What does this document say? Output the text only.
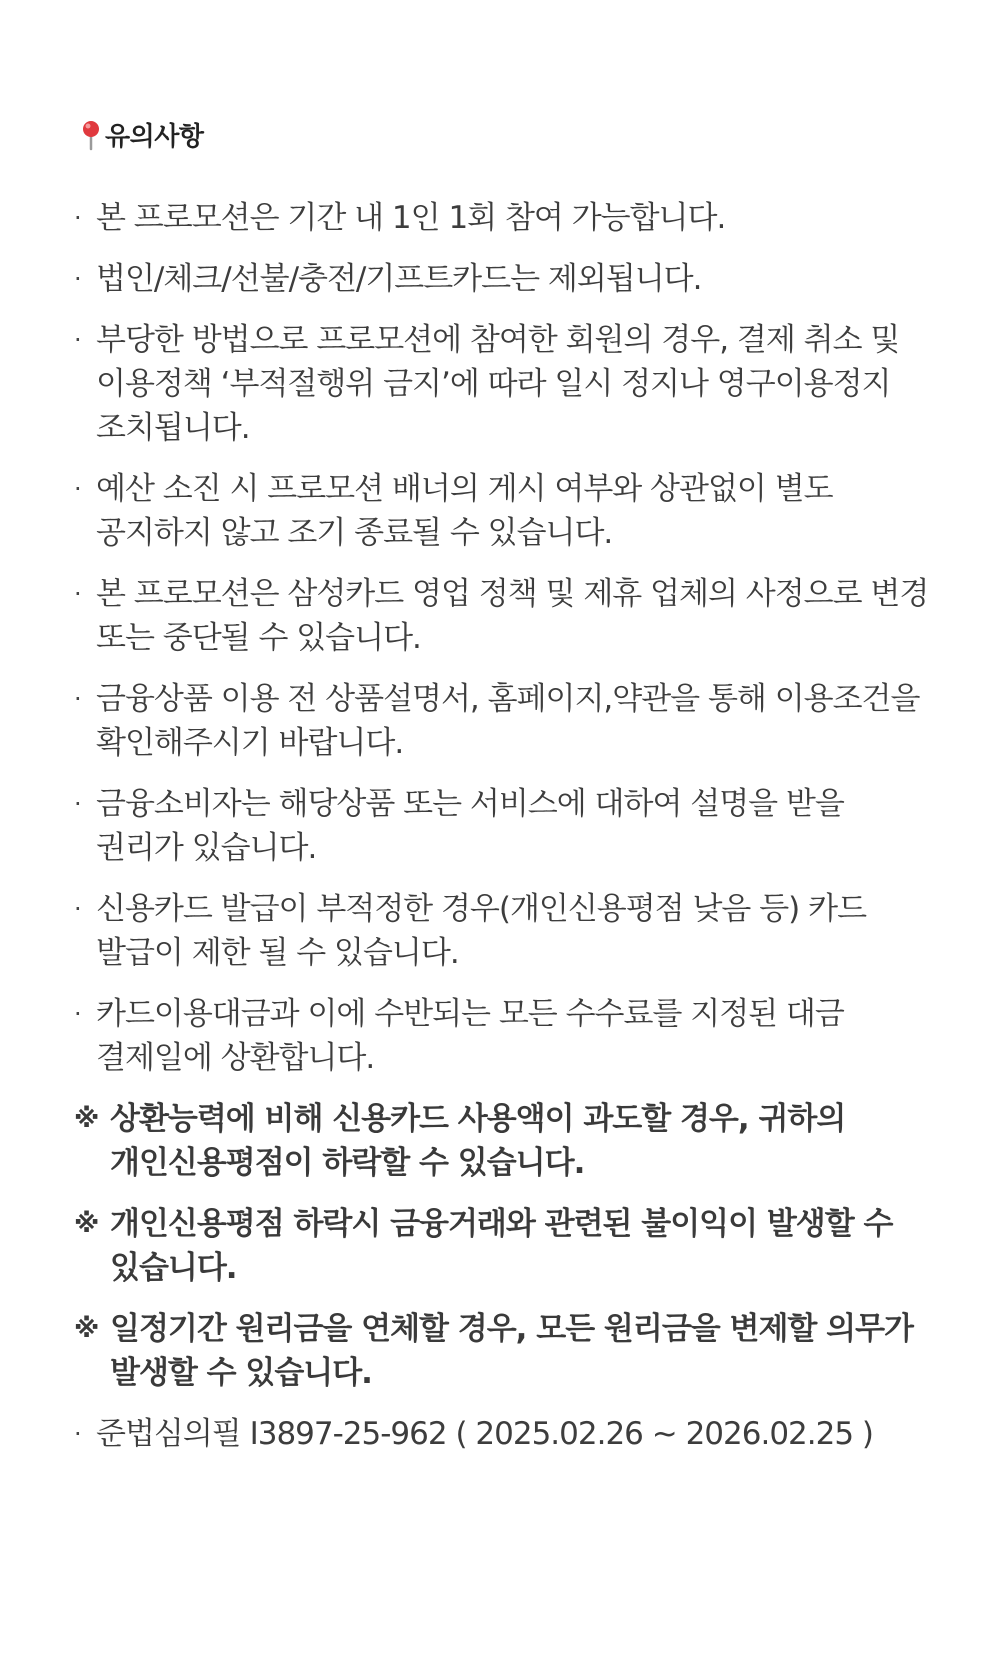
유의사항
· 본 프로모션은 기간 내 1인 1회 참여 가능합니다.
· 법인/체크/선불/충전/기프트카드는 제외됩니다.
· 부당한 방법으로 프로모션에 참여한 회원의 경우, 결제 취소 및 이용정책 ‘부적절행위 금지’에 따라 일시 정지나 영구이용정지 조치됩니다.
· 예산 소진 시 프로모션 배너의 게시 여부와 상관없이 별도 공지하지 않고 조기 종료될 수 있습니다.
· 본 프로모션은 삼성카드 영업 정책 및 제휴 업체의 사정으로 변경 또는 중단될 수 있습니다.
· 금융상품 이용 전 상품설명서, 홈페이지,약관을 통해 이용조건을 확인해주시기 바랍니다.
· 금융소비자는 해당상품 또는 서비스에 대하여 설명을 받을 권리가 있습니다.
· 신용카드 발급이 부적정한 경우(개인신용평점 낮음 등) 카드 발급이 제한 될 수 있습니다.
· 카드이용대금과 이에 수반되는 모든 수수료를 지정된 대금 결제일에 상환합니다.
※ 상환능력에 비해 신용카드 사용액이 과도할 경우, 귀하의 개인신용평점이 하락할 수 있습니다.
※ 개인신용평점 하락시 금융거래와 관련된 불이익이 발생할 수 있습니다.
※ 일정기간 원리금을 연체할 경우, 모든 원리금을 변제할 의무가 발생할 수 있습니다.
· 준법심의필 I3897-25-962 ( 2025.02.26 ~ 2026.02.25 )
